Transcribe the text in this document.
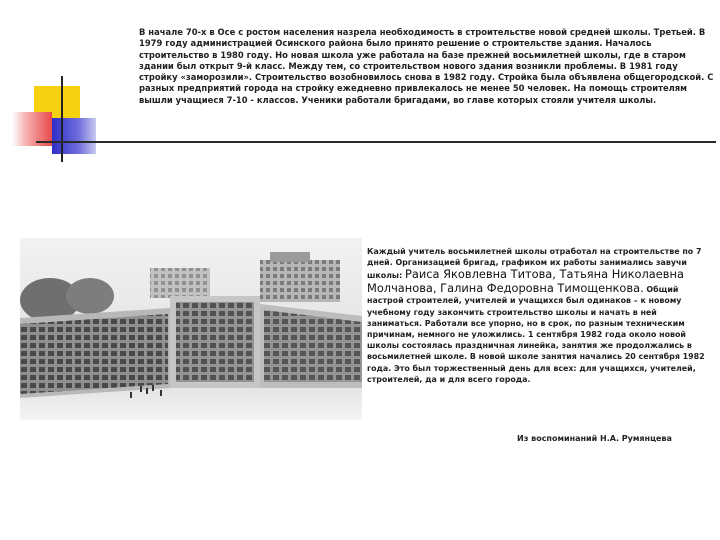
В начале 70-х в Осе с ростом населения назрела необходимость в строительстве новой средней школы. Третьей. В 1979 году администрацией Осинского района было принято решение о строительстве здания. Началось строительство в 1980 году. Но новая школа уже работала на базе прежней восьмилетней школы, где в старом здании был открыт 9-й класс. Между тем, со строительством нового здания возникли проблемы. В 1981 году стройку «заморозили». Строительство возобновилось снова в 1982 году. Стройка была объявлена общегородской. С разных предприятий города на стройку ежедневно привлекалось не менее 50 человек. На помощь строителям вышли учащиеся 7-10 - классов. Ученики работали бригадами, во главе которых стояли учителя школы.

Каждый учитель восьмилетней школы отработал на строительстве по 7 дней. Организацией бригад, графиком их работы занимались завучи школы: Раиса Яковлевна Титова, Татьяна Николаевна Молчанова, Галина Федоровна Тимощенкова. Общий настрой строителей, учителей и учащихся был одинаков – к новому учебному году закончить строительство школы и начать в ней заниматься. Работали все упорно, но в срок, по разным техническим причинам, немного не уложились. 1 сентября 1982 года около новой школы состоялась праздничная линейка, занятия же продолжались в восьмилетней школе. В новой школе занятия начались 20 сентября 1982 года. Это был торжественный день для всех: для учащихся, учителей, строителей, да и для всего города.

Из воспоминаний Н.А. Румянцева
